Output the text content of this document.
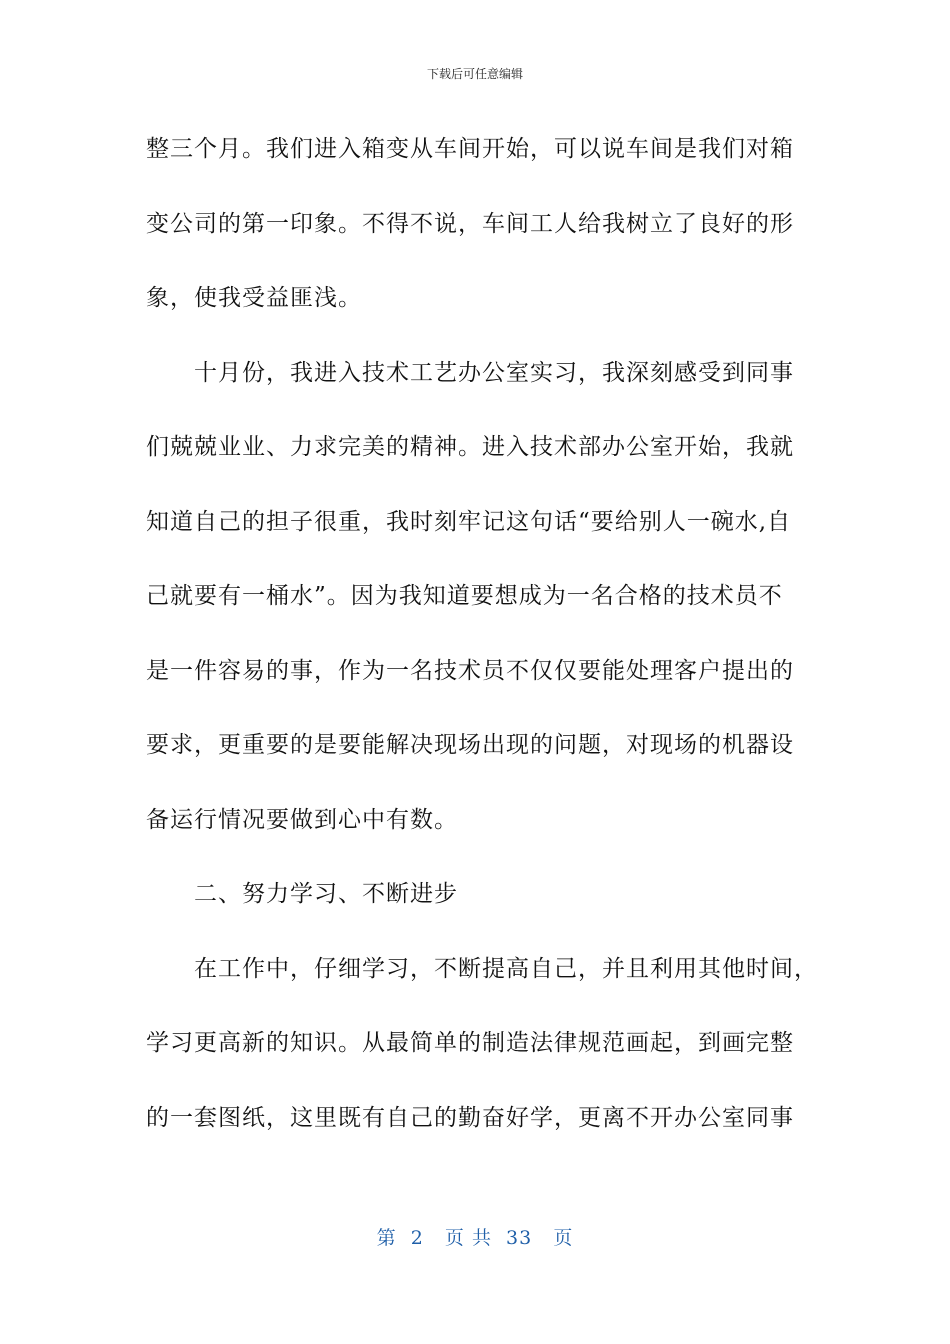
下载后可任意编辑
整三个月。我们进入箱变从车间开始，可以说车间是我们对箱
变公司的第一印象。不得不说，车间工人给我树立了良好的形
象，使我受益匪浅。
十月份，我进入技术工艺办公室实习，我深刻感受到同事
们兢兢业业、力求完美的精神。进入技术部办公室开始，我就
知道自己的担子很重，我时刻牢记这句话“要给别人一碗水,自
己就要有一桶水”。因为我知道要想成为一名合格的技术员不
是一件容易的事，作为一名技术员不仅仅要能处理客户提出的
要求，更重要的是要能解决现场出现的问题，对现场的机器设
备运行情况要做到心中有数。
二、努力学习、不断进步
在工作中，仔细学习，不断提高自己，并且利用其他时间，
学习更高新的知识。从最简单的制造法律规范画起，到画完整
的一套图纸，这里既有自己的勤奋好学，更离不开办公室同事
第  2   页 共  33   页
